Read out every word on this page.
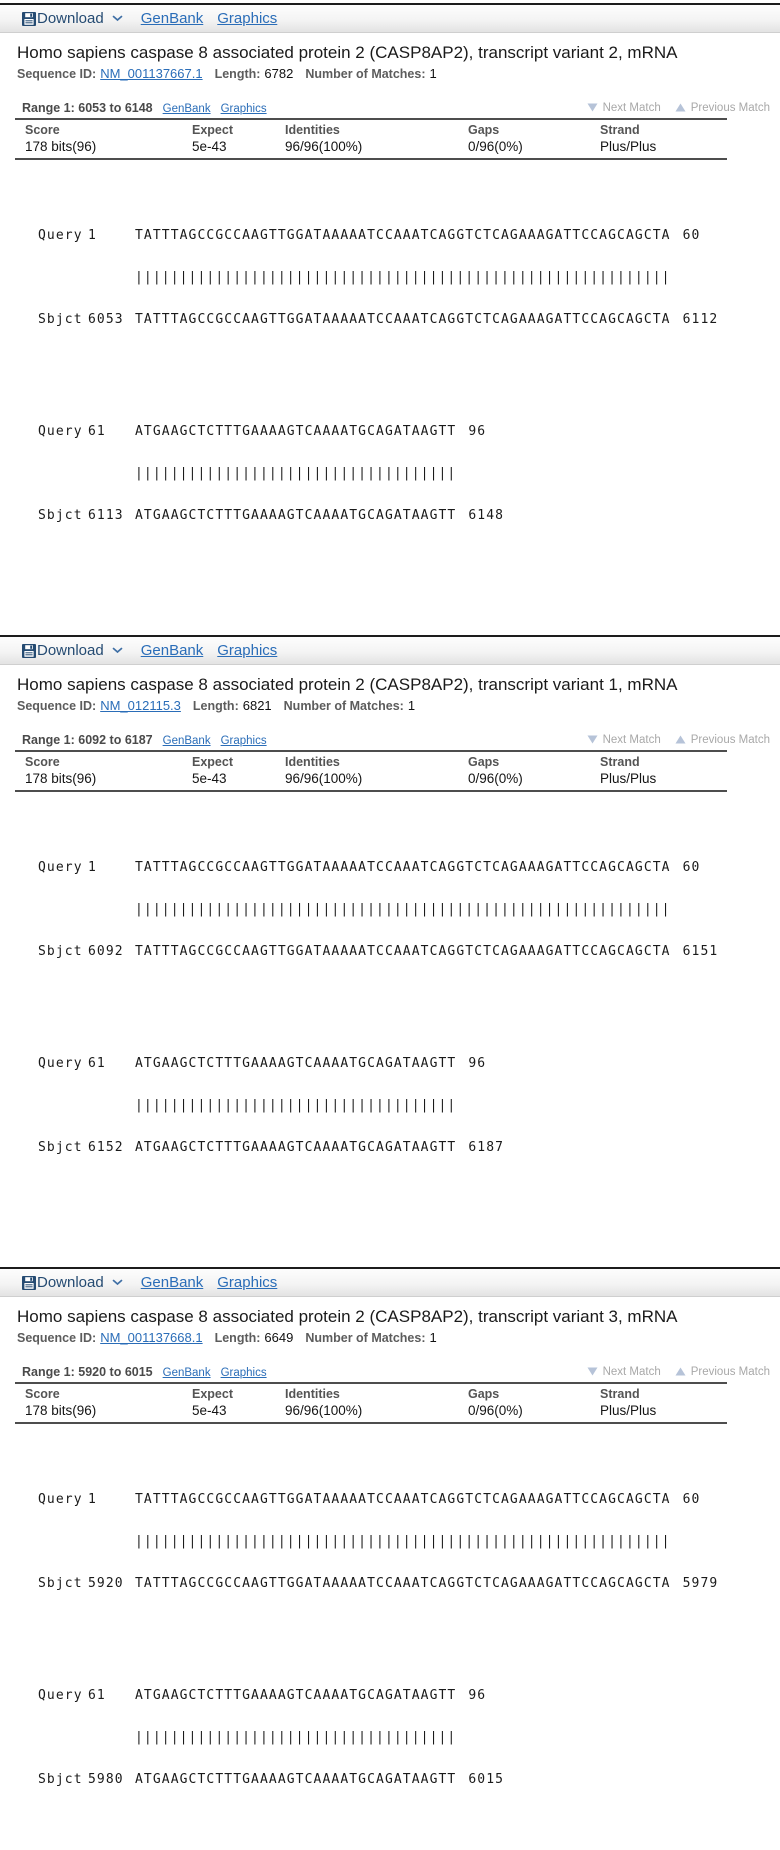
Download GenBank Graphics
Homo sapiens caspase 8 associated protein 2 (CASP8AP2), transcript variant 2, mRNA
Sequence ID: NM_001137667.1 Length: 6782 Number of Matches: 1
Range 1: 6053 to 6148 GenBank Graphics	Next Match	Previous Match
Score	Expect	Identities	Gaps	Strand
178 bits(96)	5e-43	96/96(100%)	0/96(0%)	Plus/Plus

Query 1	TATTTAGCCGCCAAGTTGGATAAAAATCCAAATCAGGTCTCAGAAAGATTCCAGCAGCTA 60

||||||||||||||||||||||||||||||||||||||||||||||||||||||||||||

Sbjct 6053 TATTTAGCCGCCAAGTTGGATAAAAATCCAAATCAGGTCTCAGAAAGATTCCAGCAGCTA 6112

Query 61	ATGAAGCTCTTTGAAAAGTCAAAATGCAGATAAGTT 96

||||||||||||||||||||||||||||||||||||

Sbjct 6113 ATGAAGCTCTTTGAAAAGTCAAAATGCAGATAAGTT 6148

Download GenBank Graphics
Homo sapiens caspase 8 associated protein 2 (CASP8AP2), transcript variant 1, mRNA
Sequence ID: NM_012115.3 Length: 6821 Number of Matches: 1
Range 1: 6092 to 6187 GenBank Graphics	Next Match	Previous Match
Score	Expect	Identities	Gaps	Strand
178 bits(96)	5e-43	96/96(100%)	0/96(0%)	Plus/Plus

Query 1	TATTTAGCCGCCAAGTTGGATAAAAATCCAAATCAGGTCTCAGAAAGATTCCAGCAGCTA 60

||||||||||||||||||||||||||||||||||||||||||||||||||||||||||||

Sbjct 6092 TATTTAGCCGCCAAGTTGGATAAAAATCCAAATCAGGTCTCAGAAAGATTCCAGCAGCTA 6151

Query 61	ATGAAGCTCTTTGAAAAGTCAAAATGCAGATAAGTT 96

||||||||||||||||||||||||||||||||||||

Sbjct 6152 ATGAAGCTCTTTGAAAAGTCAAAATGCAGATAAGTT 6187

Download GenBank Graphics
Homo sapiens caspase 8 associated protein 2 (CASP8AP2), transcript variant 3, mRNA
Sequence ID: NM_001137668.1 Length: 6649 Number of Matches: 1
Range 1: 5920 to 6015 GenBank Graphics	Next Match	Previous Match
Score	Expect	Identities	Gaps	Strand
178 bits(96)	5e-43	96/96(100%)	0/96(0%)	Plus/Plus

Query 1	TATTTAGCCGCCAAGTTGGATAAAAATCCAAATCAGGTCTCAGAAAGATTCCAGCAGCTA 60

||||||||||||||||||||||||||||||||||||||||||||||||||||||||||||

Sbjct 5920 TATTTAGCCGCCAAGTTGGATAAAAATCCAAATCAGGTCTCAGAAAGATTCCAGCAGCTA 5979

Query 61	ATGAAGCTCTTTGAAAAGTCAAAATGCAGATAAGTT 96

||||||||||||||||||||||||||||||||||||

Sbjct 5980 ATGAAGCTCTTTGAAAAGTCAAAATGCAGATAAGTT 6015
